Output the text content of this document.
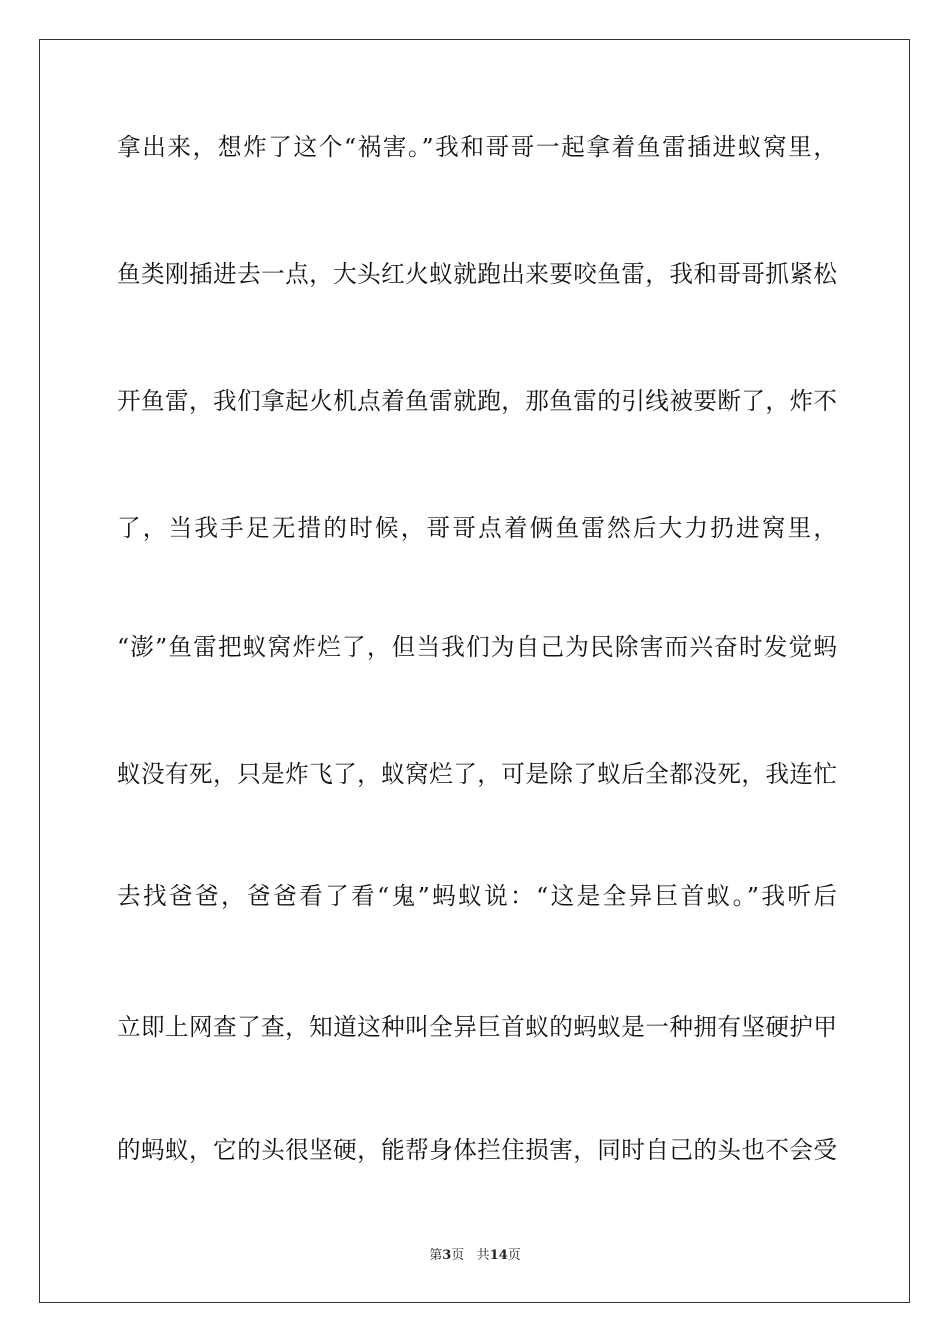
拿出来，想炸了这个“祸害。”我和哥哥一起拿着鱼雷插进蚁窝里，
鱼类刚插进去一点，大头红火蚁就跑出来要咬鱼雷，我和哥哥抓紧松
开鱼雷，我们拿起火机点着鱼雷就跑，那鱼雷的引线被要断了，炸不
了，当我手足无措的时候，哥哥点着俩鱼雷然后大力扔进窝里，
“澎”鱼雷把蚁窝炸烂了，但当我们为自己为民除害而兴奋时发觉蚂
蚁没有死，只是炸飞了，蚁窝烂了，可是除了蚁后全都没死，我连忙
去找爸爸，爸爸看了看“鬼”蚂蚁说：“这是全异巨首蚁。”我听后
立即上网查了查，知道这种叫全异巨首蚁的蚂蚁是一种拥有坚硬护甲
的蚂蚁，它的头很坚硬，能帮身体拦住损害，同时自己的头也不会受
第3页 共14页
